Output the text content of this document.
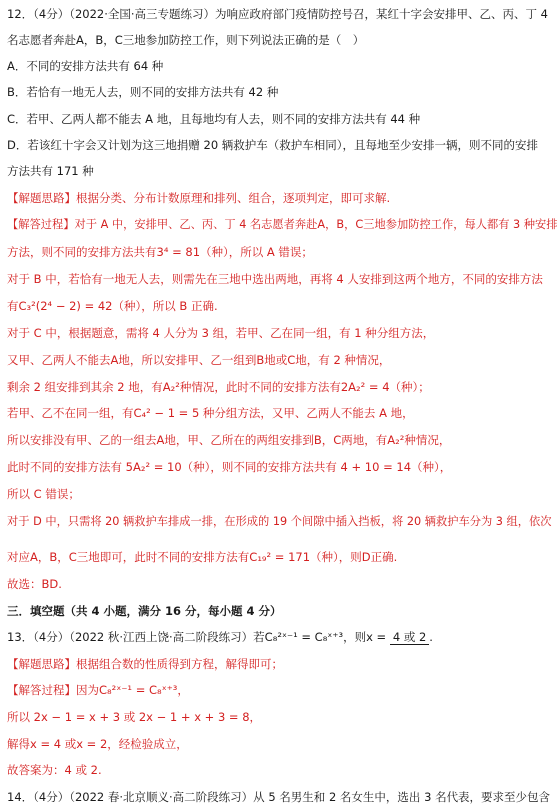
12．（4分）（2022·全国·高三专题练习）为响应政府部门疫情防控号召，某红十字会安排甲、乙、丙、丁 4
名志愿者奔赴A，B，C三地参加防控工作，则下列说法正确的是（　）
A．不同的安排方法共有 64 种
B．若恰有一地无人去，则不同的安排方法共有 42 种
C．若甲、乙两人都不能去 A 地，且每地均有人去，则不同的安排方法共有 44 种
D．若该红十字会又计划为这三地捐赠 20 辆救护车（救护车相同），且每地至少安排一辆，则不同的安排
方法共有 171 种
【解题思路】根据分类、分布计数原理和排列、组合，逐项判定，即可求解.
【解答过程】对于 A 中，安排甲、乙、丙、丁 4 名志愿者奔赴A，B，C三地参加防控工作，每人都有 3 种安排
方法，则不同的安排方法共有3⁴ = 81（种），所以 A 错误；
对于 B 中，若恰有一地无人去，则需先在三地中选出两地，再将 4 人安排到这两个地方，不同的安排方法
有C₃²(2⁴ − 2) = 42（种），所以 B 正确.
对于 C 中，根据题意，需将 4 人分为 3 组，若甲、乙在同一组，有 1 种分组方法，
又甲、乙两人不能去A地，所以安排甲、乙一组到B地或C地，有 2 种情况，
剩余 2 组安排到其余 2 地，有A₂²种情况，此时不同的安排方法有2A₂² = 4（种）；
若甲、乙不在同一组，有C₄² − 1 = 5 种分组方法，又甲、乙两人不能去 A 地，
所以安排没有甲、乙的一组去A地，甲、乙所在的两组安排到B，C两地，有A₂²种情况，
此时不同的安排方法有 5A₂² = 10（种），则不同的安排方法共有 4 + 10 = 14（种），
所以 C 错误；
对于 D 中，只需将 20 辆救护车排成一排，在形成的 19 个间隙中插入挡板，将 20 辆救护车分为 3 组，依次
对应A，B，C三地即可，此时不同的安排方法有C₁₉² = 171（种），则D正确.
故选：BD.
三．填空题（共 4 小题，满分 16 分，每小题 4 分）
13．（4分）（2022 秋·江西上饶·高二阶段练习）若C₈²ˣ⁻¹ = C₈ˣ⁺³，则x = 4 或 2 .
【解题思路】根据组合数的性质得到方程，解得即可；
【解答过程】因为C₈²ˣ⁻¹ = C₈ˣ⁺³，
所以 2x − 1 = x + 3 或 2x − 1 + x + 3 = 8，
解得x = 4 或x = 2，经检验成立，
故答案为：4 或 2.
14．（4分）（2022 春·北京顺义·高二阶段练习）从 5 名男生和 2 名女生中，选出 3 名代表，要求至少包含
